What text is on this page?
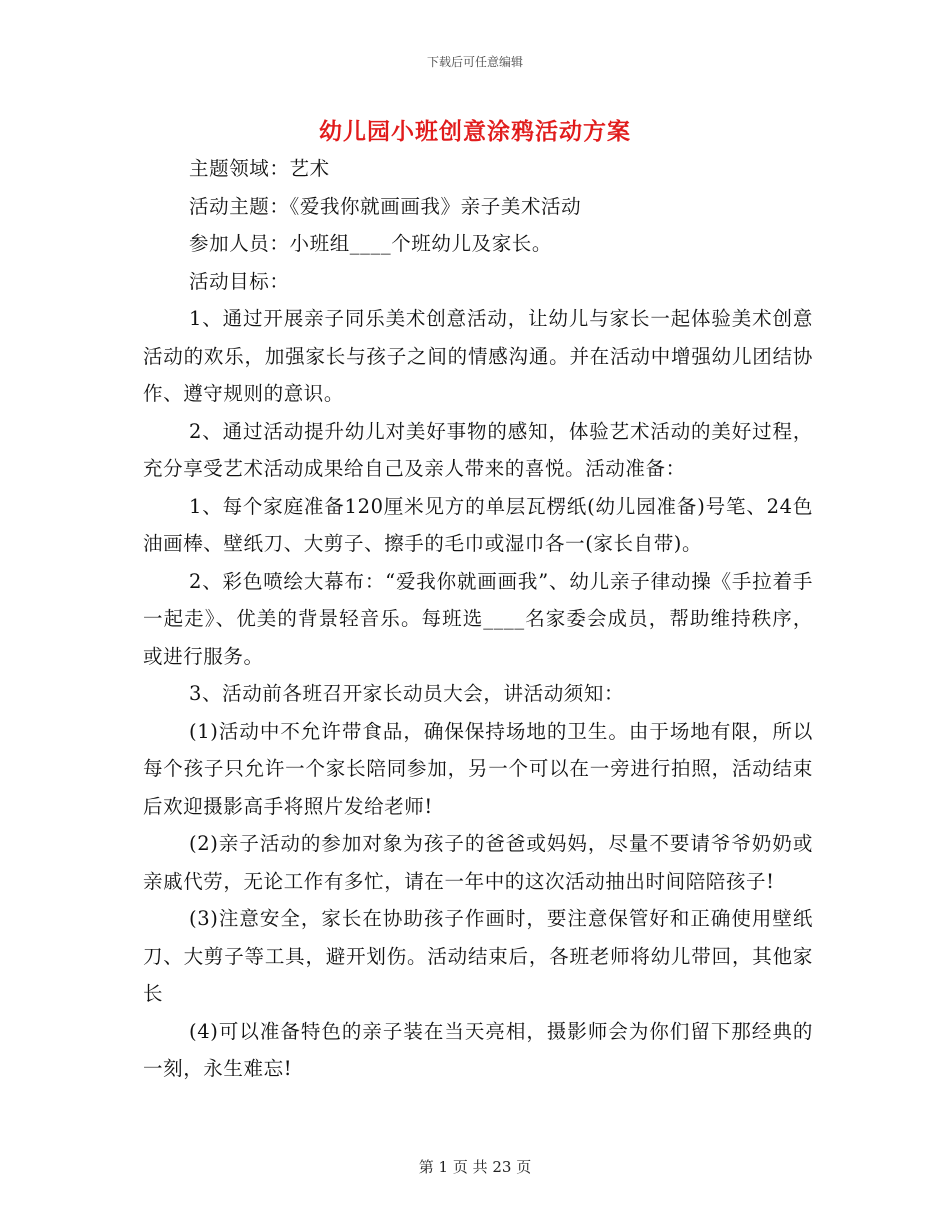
下载后可任意编辑
幼儿园小班创意涂鸦活动方案

主题领域：艺术

活动主题：《爱我你就画画我》亲子美术活动

参加人员：小班组____个班幼儿及家长。

活动目标：

1、通过开展亲子同乐美术创意活动，让幼儿与家长一起体验美术创意活动的欢乐，加强家长与孩子之间的情感沟通。并在活动中增强幼儿团结协作、遵守规则的意识。

2、通过活动提升幼儿对美好事物的感知，体验艺术活动的美好过程，充分享受艺术活动成果给自己及亲人带来的喜悦。活动准备：

1、每个家庭准备120厘米见方的单层瓦楞纸(幼儿园准备)号笔、24色油画棒、壁纸刀、大剪子、擦手的毛巾或湿巾各一(家长自带)。

2、彩色喷绘大幕布：“爱我你就画画我”、幼儿亲子律动操《手拉着手一起走》、优美的背景轻音乐。每班选____名家委会成员，帮助维持秩序，或进行服务。

3、活动前各班召开家长动员大会，讲活动须知：

(1)活动中不允许带食品，确保保持场地的卫生。由于场地有限，所以每个孩子只允许一个家长陪同参加，另一个可以在一旁进行拍照，活动结束后欢迎摄影高手将照片发给老师!

(2)亲子活动的参加对象为孩子的爸爸或妈妈，尽量不要请爷爷奶奶或亲戚代劳，无论工作有多忙，请在一年中的这次活动抽出时间陪陪孩子!

(3)注意安全，家长在协助孩子作画时，要注意保管好和正确使用壁纸刀、大剪子等工具，避开划伤。活动结束后，各班老师将幼儿带回，其他家长

(4)可以准备特色的亲子装在当天亮相，摄影师会为你们留下那经典的一刻，永生难忘!

第 1 页 共 23 页
